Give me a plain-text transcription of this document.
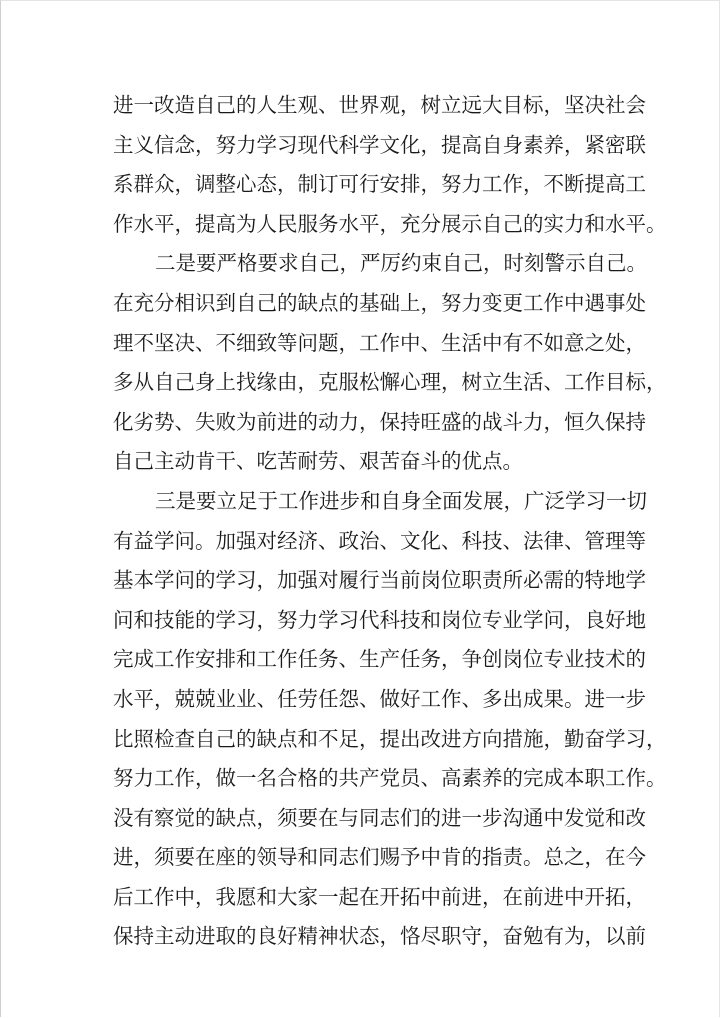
进一改造自己的人生观、世界观，树立远大目标，坚决社会
主义信念，努力学习现代科学文化，提高自身素养，紧密联
系群众，调整心态，制订可行安排，努力工作，不断提高工
作水平，提高为人民服务水平，充分展示自己的实力和水平。
二是要严格要求自己，严厉约束自己，时刻警示自己。
在充分相识到自己的缺点的基础上，努力变更工作中遇事处
理不坚决、不细致等问题，工作中、生活中有不如意之处，
多从自己身上找缘由，克服松懈心理，树立生活、工作目标，
化劣势、失败为前进的动力，保持旺盛的战斗力，恒久保持
自己主动肯干、吃苦耐劳、艰苦奋斗的优点。
三是要立足于工作进步和自身全面发展，广泛学习一切
有益学问。加强对经济、政治、文化、科技、法律、管理等
基本学问的学习，加强对履行当前岗位职责所必需的特地学
问和技能的学习，努力学习代科技和岗位专业学问，良好地
完成工作安排和工作任务、生产任务，争创岗位专业技术的
水平，兢兢业业、任劳任怨、做好工作、多出成果。进一步
比照检查自己的缺点和不足，提出改进方向措施，勤奋学习，
努力工作，做一名合格的共产党员、高素养的完成本职工作。
没有察觉的缺点，须要在与同志们的进一步沟通中发觉和改
进，须要在座的领导和同志们赐予中肯的指责。总之，在今
后工作中，我愿和大家一起在开拓中前进，在前进中开拓，
保持主动进取的良好精神状态，恪尽职守，奋勉有为，以前
